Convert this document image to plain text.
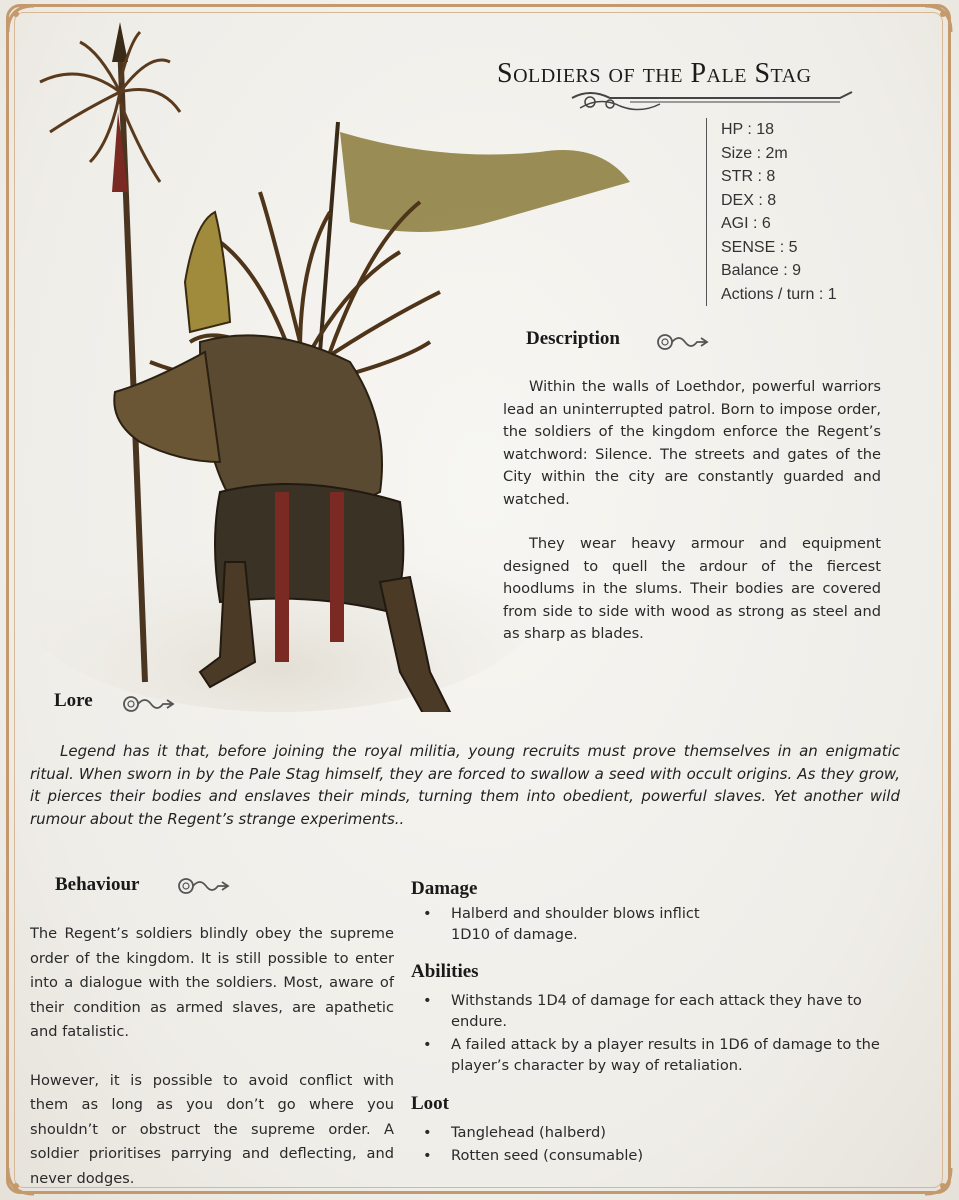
Soldiers of the Pale Stag
HP : 18
Size : 2m
STR : 8
DEX : 8
AGI : 6
SENSE : 5
Balance : 9
Actions / turn : 1
Description

Within the walls of Loethdor, powerful warriors lead an uninterrupted patrol. Born to impose order, the soldiers of the kingdom enforce the Regent’s watchword: Silence. The streets and gates of the City within the city are constantly guarded and watched.

They wear heavy armour and equipment designed to quell the ardour of the fiercest hoodlums in the slums. Their bodies are covered from side to side with wood as strong as steel and as sharp as blades.

Lore

Legend has it that, before joining the royal militia, young recruits must prove themselves in an enigmatic ritual. When sworn in by the Pale Stag himself, they are forced to swallow a seed with occult origins. As they grow, it pierces their bodies and enslaves their minds, turning them into obedient, powerful slaves. Yet another wild rumour about the Regent’s strange experiments..

Behaviour

The Regent’s soldiers blindly obey the supreme order of the kingdom. It is still possible to enter into a dialogue with the soldiers. Most, aware of their condition as armed slaves, are apathetic and fatalistic.

However, it is possible to avoid conflict with them as long as you don’t go where you shouldn’t or obstruct the supreme order. A soldier prioritises parrying and deflecting, and never dodges.

Damage
• Halberd and shoulder blows inflict 1D10 of damage.
Abilities
• Withstands 1D4 of damage for each attack they have to endure.
• A failed attack by a player results in 1D6 of damage to the player’s character by way of retaliation.
Loot
• Tanglehead (halberd)
• Rotten seed (consumable)
